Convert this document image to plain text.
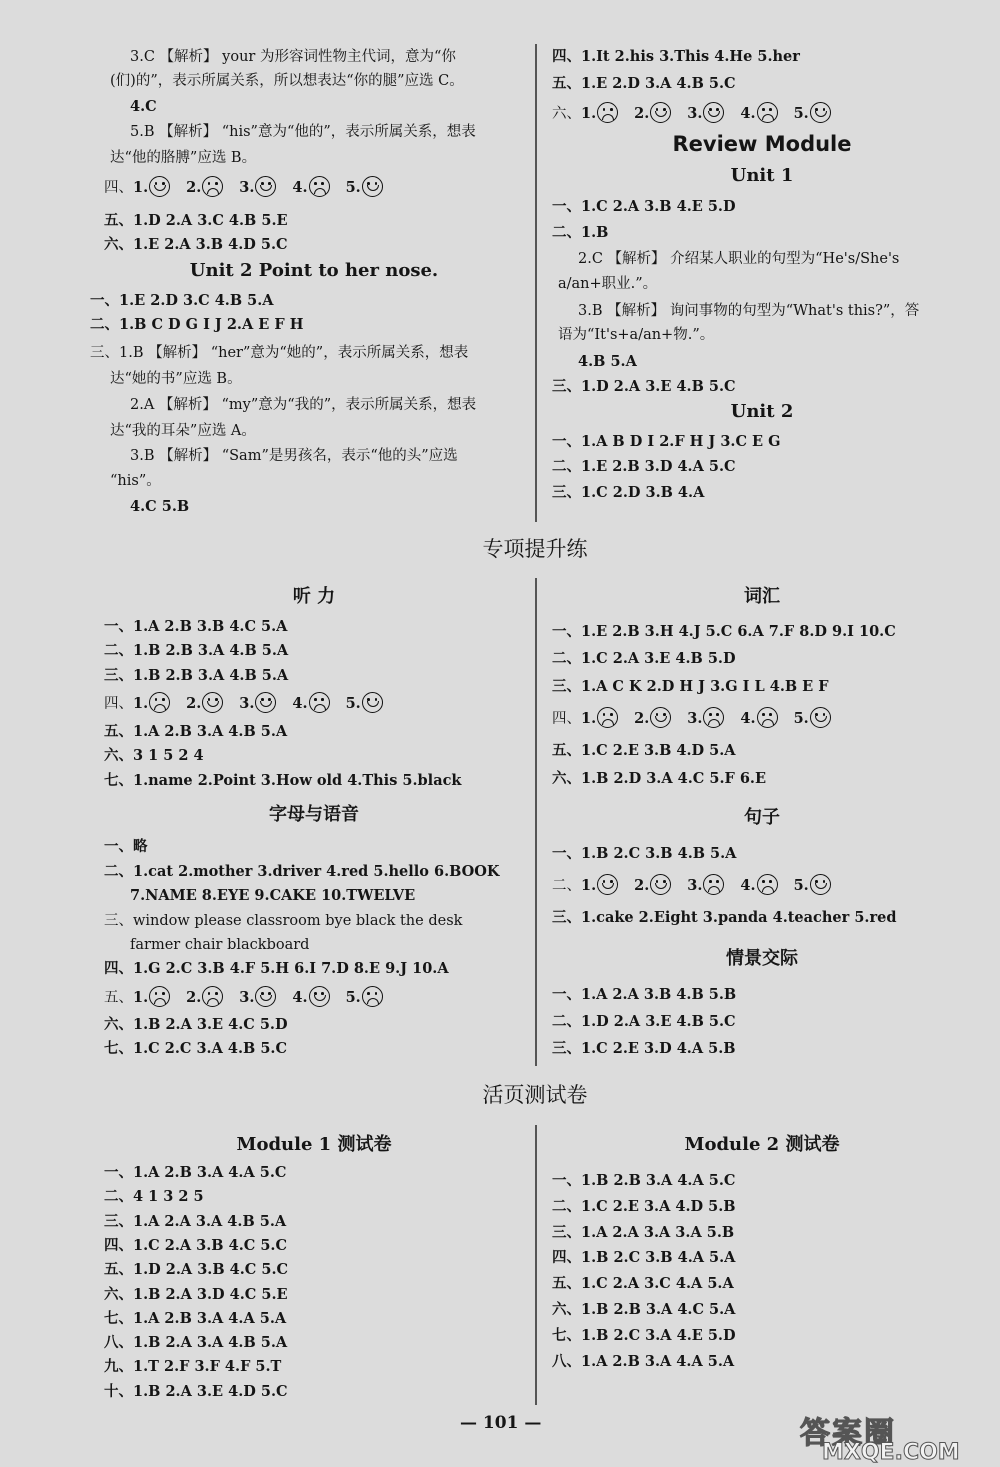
3.C 【解析】 your 为形容词性物主代词，意为“你
(们)的”，表示所属关系，所以想表达“你的腿”应选 C。
4.C
5.B 【解析】 “his”意为“他的”，表示所属关系，想表
达“他的胳膊”应选 B。
四、1.	2.	3.	4.	5.
五、1.D 2.A 3.C 4.B 5.E
六、1.E 2.A 3.B 4.D 5.C
Unit 2 Point to her nose.
一、1.E 2.D 3.C 4.B 5.A
二、1.B C D G I J 2.A E F H
三、1.B 【解析】 “her”意为“她的”，表示所属关系，想表
达“她的书”应选 B。
2.A 【解析】 “my”意为“我的”，表示所属关系，想表
达“我的耳朵”应选 A。
3.B 【解析】 “Sam”是男孩名，表示“他的头”应选
“his”。
4.C 5.B
四、1.It 2.his 3.This 4.He 5.her
五、1.E 2.D 3.A 4.B 5.C
六、1.	2.	3.	4.	5.
Review Module
Unit 1
一、1.C 2.A 3.B 4.E 5.D
二、1.B
2.C 【解析】 介绍某人职业的句型为“He's/She's
a/an+职业.”。
3.B 【解析】 询问事物的句型为“What's this?”，答
语为“It's+a/an+物.”。
4.B 5.A
三、1.D 2.A 3.E 4.B 5.C
Unit 2
一、1.A B D I 2.F H J 3.C E G
二、1.E 2.B 3.D 4.A 5.C
三、1.C 2.D 3.B 4.A
专项提升练
听 力
一、1.A 2.B 3.B 4.C 5.A
二、1.B 2.B 3.A 4.B 5.A
三、1.B 2.B 3.A 4.B 5.A
四、1.	2.	3.	4.	5.
五、1.A 2.B 3.A 4.B 5.A
六、3 1 5 2 4
七、1.name 2.Point 3.How old 4.This 5.black
字母与语音
一、略
二、1.cat 2.mother 3.driver 4.red 5.hello 6.BOOK
7.NAME 8.EYE 9.CAKE 10.TWELVE
三、window please classroom bye black the desk
farmer chair blackboard
四、1.G 2.C 3.B 4.F 5.H 6.I 7.D 8.E 9.J 10.A
五、1.	2.	3.	4.	5.
六、1.B 2.A 3.E 4.C 5.D
七、1.C 2.C 3.A 4.B 5.C
词汇
一、1.E 2.B 3.H 4.J 5.C 6.A 7.F 8.D 9.I 10.C
二、1.C 2.A 3.E 4.B 5.D
三、1.A C K 2.D H J 3.G I L 4.B E F
四、1.	2.	3.	4.	5.
五、1.C 2.E 3.B 4.D 5.A
六、1.B 2.D 3.A 4.C 5.F 6.E
句子
一、1.B 2.C 3.B 4.B 5.A
二、1.	2.	3.	4.	5.
三、1.cake 2.Eight 3.panda 4.teacher 5.red
情景交际
一、1.A 2.A 3.B 4.B 5.B
二、1.D 2.A 3.E 4.B 5.C
三、1.C 2.E 3.D 4.A 5.B
活页测试卷
Module 1 测试卷
一、1.A 2.B 3.A 4.A 5.C
二、4 1 3 2 5
三、1.A 2.A 3.A 4.B 5.A
四、1.C 2.A 3.B 4.C 5.C
五、1.D 2.A 3.B 4.C 5.C
六、1.B 2.A 3.D 4.C 5.E
七、1.A 2.B 3.A 4.A 5.A
八、1.B 2.A 3.A 4.B 5.A
九、1.T 2.F 3.F 4.F 5.T
十、1.B 2.A 3.E 4.D 5.C
Module 2 测试卷
一、1.B 2.B 3.A 4.A 5.C
二、1.C 2.E 3.A 4.D 5.B
三、1.A 2.A 3.A 3.A 5.B
四、1.B 2.C 3.B 4.A 5.A
五、1.C 2.A 3.C 4.A 5.A
六、1.B 2.B 3.A 4.C 5.A
七、1.B 2.C 3.A 4.E 5.D
八、1.A 2.B 3.A 4.A 5.A
— 101 —	答案圈
MXQE.COM
